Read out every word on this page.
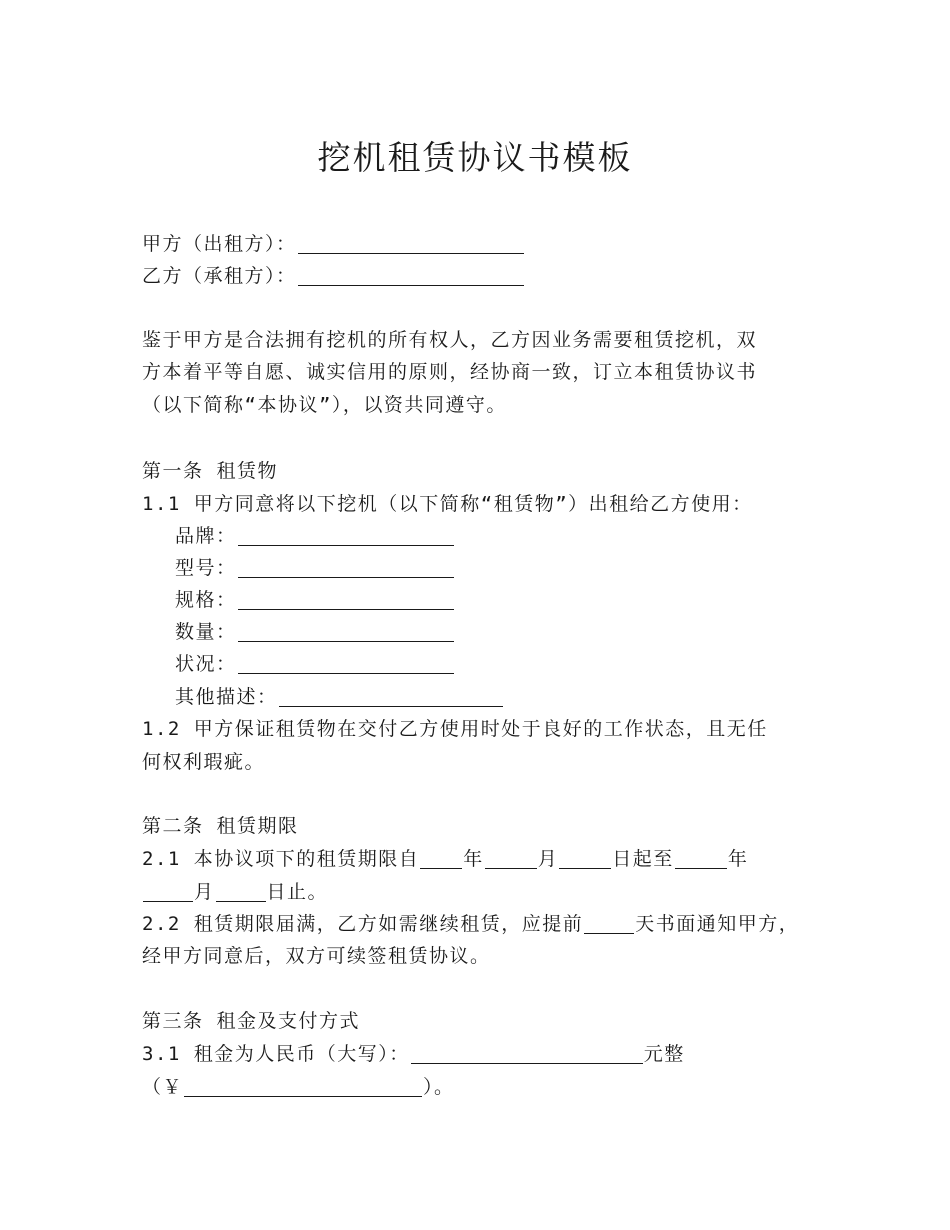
挖机租赁协议书模板
甲方（出租方）：
乙方（承租方）：
鉴于甲方是合法拥有挖机的所有权人，乙方因业务需要租赁挖机，双
方本着平等自愿、诚实信用的原则，经协商一致，订立本租赁协议书
（以下简称“本协议”），以资共同遵守。
第一条 租赁物
1.1 甲方同意将以下挖机（以下简称“租赁物”）出租给乙方使用：
品牌：
型号：
规格：
数量：
状况：
其他描述：
1.2 甲方保证租赁物在交付乙方使用时处于良好的工作状态，且无任
何权利瑕疵。
第二条 租赁期限
2.1 本协议项下的租赁期限自 年	月	日起至	年
月	日止。
2.2 租赁期限届满，乙方如需继续租赁，应提前	天书面通知甲方，
经甲方同意后，双方可续签租赁协议。
第三条 租金及支付方式
3.1 租金为人民币（大写）：	元整
（￥	）。
